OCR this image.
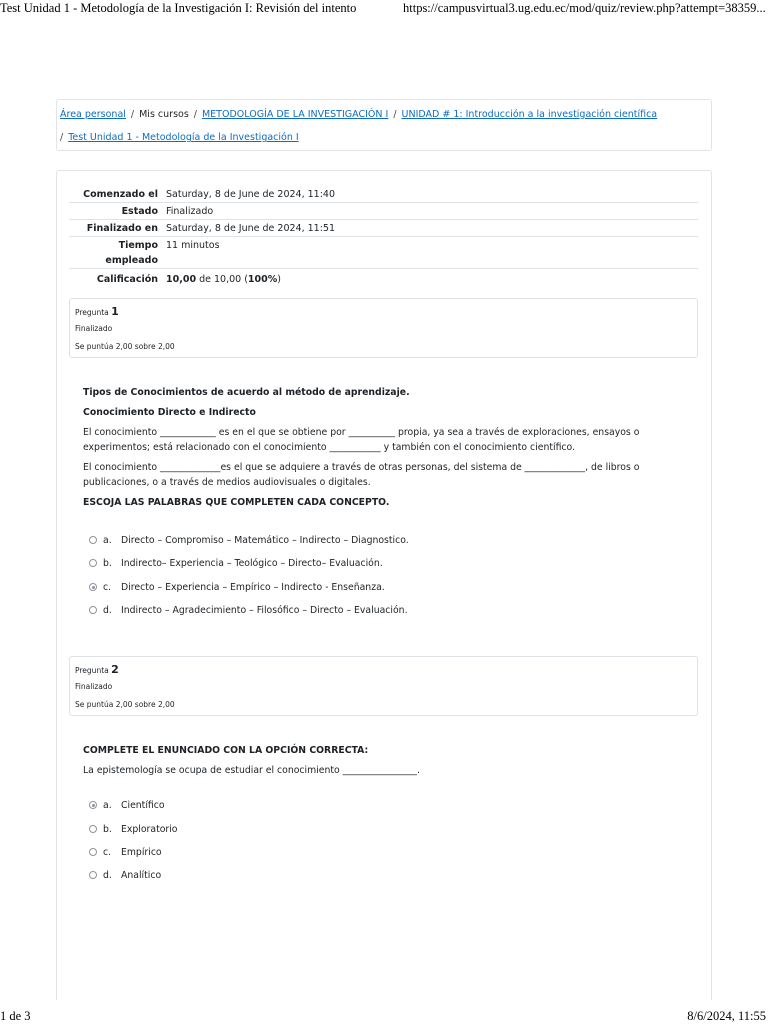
Test Unidad 1 - Metodología de la Investigación I: Revisión del intento	https://campusvirtual3.ug.edu.ec/mod/quiz/review.php?attempt=38359...
Área personal / Mis cursos / METODOLOGÍA DE LA INVESTIGACIÓN I / UNIDAD # 1: Introducción a la investigación científica
/ Test Unidad 1 - Metodología de la Investigación I
Comenzado el Saturday, 8 de June de 2024, 11:40
Estado Finalizado
Finalizado en Saturday, 8 de June de 2024, 11:51
Tiempo
empleado
11 minutos
Calificación 10,00 de 10,00 (100%)
Pregunta 1
Finalizado
Se puntúa 2,00 sobre 2,00

Tipos de Conocimientos de acuerdo al método de aprendizaje.

Conocimiento Directo e Indirecto

El conocimiento ____________ es en el que se obtiene por __________ propia, ya sea a través de exploraciones, ensayos o experimentos; está relacionado con el conocimiento ___________ y también con el conocimiento científico.

El conocimiento _____________es el que se adquiere a través de otras personas, del sistema de _____________, de libros o publicaciones, o a través de medios audiovisuales o digitales.

ESCOJA LAS PALABRAS QUE COMPLETEN CADA CONCEPTO.

a.	Directo – Compromiso – Matemático – Indirecto – Diagnostico.
b. Indirecto– Experiencia – Teológico – Directo– Evaluación.
c.	Directo – Experiencia – Empírico – Indirecto - Enseñanza.
d. Indirecto – Agradecimiento – Filosófico – Directo – Evaluación.
Pregunta 2
Finalizado
Se puntúa 2,00 sobre 2,00

COMPLETE EL ENUNCIADO CON LA OPCIÓN CORRECTA:

La epistemología se ocupa de estudiar el conocimiento ________________.

a.	Científico
b. Exploratorio
c.	Empírico
d. Analítico
1 de 3	8/6/2024, 11:55
